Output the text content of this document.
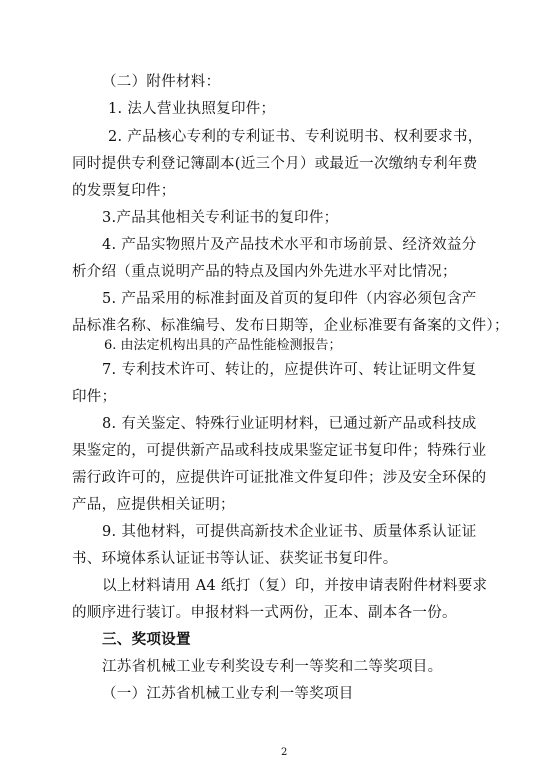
（二）附件材料：
1. 法人营业执照复印件；
2. 产品核心专利的专利证书、专利说明书、权利要求书，
同时提供专利登记簿副本(近三个月）或最近一次缴纳专利年费
的发票复印件；
3.产品其他相关专利证书的复印件；
4. 产品实物照片及产品技术水平和市场前景、经济效益分
析介绍（重点说明产品的特点及国内外先进水平对比情况；
5. 产品采用的标准封面及首页的复印件（内容必须包含产
品标准名称、标准编号、发布日期等，企业标准要有备案的文件）；
6. 由法定机构出具的产品性能检测报告；
7. 专利技术许可、转让的，应提供许可、转让证明文件复
印件；
8. 有关鉴定、特殊行业证明材料，已通过新产品或科技成
果鉴定的，可提供新产品或科技成果鉴定证书复印件；特殊行业
需行政许可的，应提供许可证批准文件复印件；涉及安全环保的
产品，应提供相关证明；
9. 其他材料，可提供高新技术企业证书、质量体系认证证
书、环境体系认证证书等认证、获奖证书复印件。
以上材料请用 A4 纸打（复）印，并按申请表附件材料要求
的顺序进行装订。申报材料一式两份，正本、副本各一份。
三、奖项设置
江苏省机械工业专利奖设专利一等奖和二等奖项目。
（一）江苏省机械工业专利一等奖项目
2
